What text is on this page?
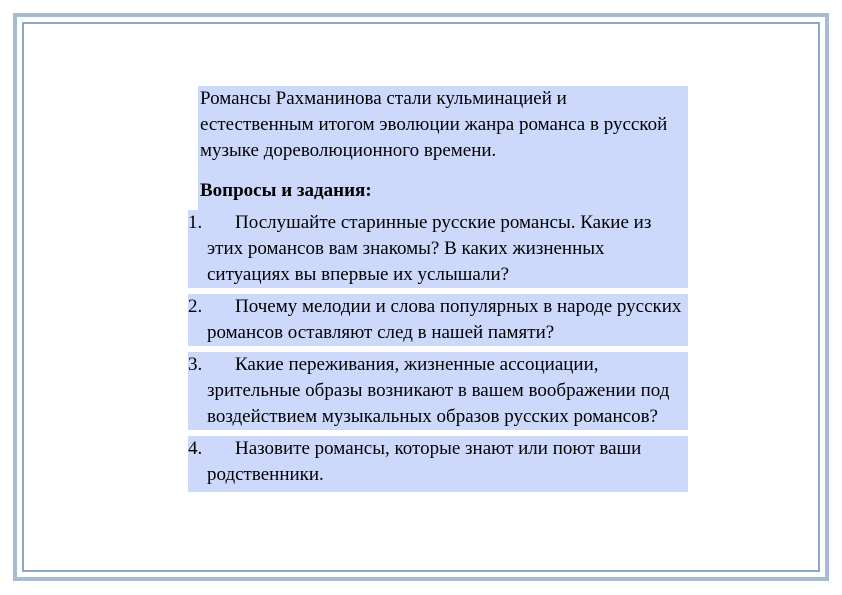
Романсы Рахманинова стали кульминацией и естественным итогом эволюции жанра романса в русской музыке дореволюционного времени.
Вопросы и задания:
1. Послушайте старинные русские романсы. Какие из этих романсов вам знакомы? В каких жизненных ситуациях вы впервые их услышали?
2. Почему мелодии и слова популярных в народе русских романсов оставляют след в нашей памяти?
3. Какие переживания, жизненные ассоциации, зрительные образы возникают в вашем воображении под воздействием музыкальных образов русских романсов?
4. Назовите романсы, которые знают или поют ваши родственники.
